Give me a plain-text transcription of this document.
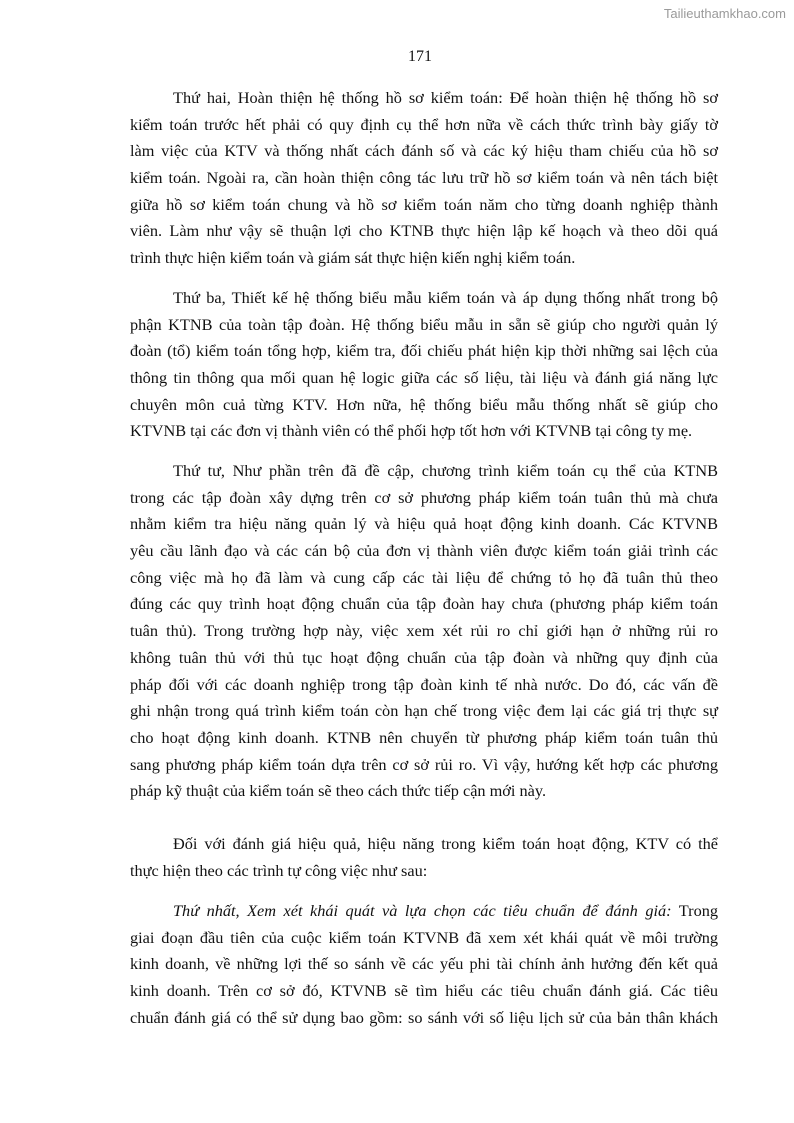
Tailieuthamkhao.com
171
Thứ hai, Hoàn thiện hệ thống hồ sơ kiểm toán: Để hoàn thiện hệ thống hồ sơ
kiểm toán trước hết phải có quy định cụ thể hơn nữa về cách thức trình bày giấy tờ
làm việc của KTV và thống nhất cách đánh số và các ký hiệu tham chiếu của hồ sơ
kiểm toán. Ngoài ra, cần hoàn thiện công tác lưu trữ hồ sơ kiểm toán và nên tách biệt
giữa hồ sơ kiểm toán chung và hồ sơ kiểm toán năm cho từng doanh nghiệp thành
viên. Làm như vậy sẽ thuận lợi cho KTNB thực hiện lập kế hoạch và theo dõi quá
trình thực hiện kiểm toán và giám sát thực hiện kiến nghị kiểm toán.
Thứ ba, Thiết kế hệ thống biểu mẫu kiểm toán và áp dụng thống nhất trong bộ
phận KTNB của toàn tập đoàn. Hệ thống biểu mẫu in sẵn sẽ giúp cho người quản lý
đoàn (tổ) kiểm toán tổng hợp, kiểm tra, đối chiếu phát hiện kịp thời những sai lệch của
thông tin thông qua mối quan hệ logic giữa các số liệu, tài liệu và đánh giá năng lực
chuyên môn cuả từng KTV. Hơn nữa, hệ thống biểu mẫu thống nhất sẽ giúp cho
KTVNB tại các đơn vị thành viên có thể phối hợp tốt hơn với KTVNB tại công ty mẹ.
Thứ tư, Như phần trên đã đề cập, chương trình kiểm toán cụ thể của KTNB
trong các tập đoàn xây dựng trên cơ sở phương pháp kiểm toán tuân thủ mà chưa
nhằm kiểm tra hiệu năng quản lý và hiệu quả hoạt động kinh doanh. Các KTVNB
yêu cầu lãnh đạo và các cán bộ của đơn vị thành viên được kiểm toán giải trình các
công việc mà họ đã làm và cung cấp các tài liệu để chứng tỏ họ đã tuân thủ theo
đúng các quy trình hoạt động chuẩn của tập đoàn hay chưa (phương pháp kiểm toán
tuân thủ). Trong trường hợp này, việc xem xét rủi ro chỉ giới hạn ở những rủi ro
không tuân thủ với thủ tục hoạt động chuẩn của tập đoàn và những quy định của
pháp đối với các doanh nghiệp trong tập đoàn kinh tế nhà nước. Do đó, các vấn đề
ghi nhận trong quá trình kiểm toán còn hạn chế trong việc đem lại các giá trị thực sự
cho hoạt động kinh doanh. KTNB nên chuyển từ phương pháp kiểm toán tuân thủ
sang phương pháp kiểm toán dựa trên cơ sở rủi ro. Vì vậy, hướng kết hợp các phương
pháp kỹ thuật của kiểm toán sẽ theo cách thức tiếp cận mới này.
Đối với đánh giá hiệu quả, hiệu năng trong kiểm toán hoạt động, KTV có thể
thực hiện theo các trình tự công việc như sau:
Thứ nhất, Xem xét khái quát và lựa chọn các tiêu chuẩn để đánh giá: Trong
giai đoạn đầu tiên của cuộc kiểm toán KTVNB đã xem xét khái quát về môi trường
kinh doanh, về những lợi thế so sánh về các yếu phi tài chính ảnh hưởng đến kết quả
kinh doanh. Trên cơ sở đó, KTVNB sẽ tìm hiểu các tiêu chuẩn đánh giá. Các tiêu
chuẩn đánh giá có thể sử dụng bao gồm: so sánh với số liệu lịch sử của bản thân khách
